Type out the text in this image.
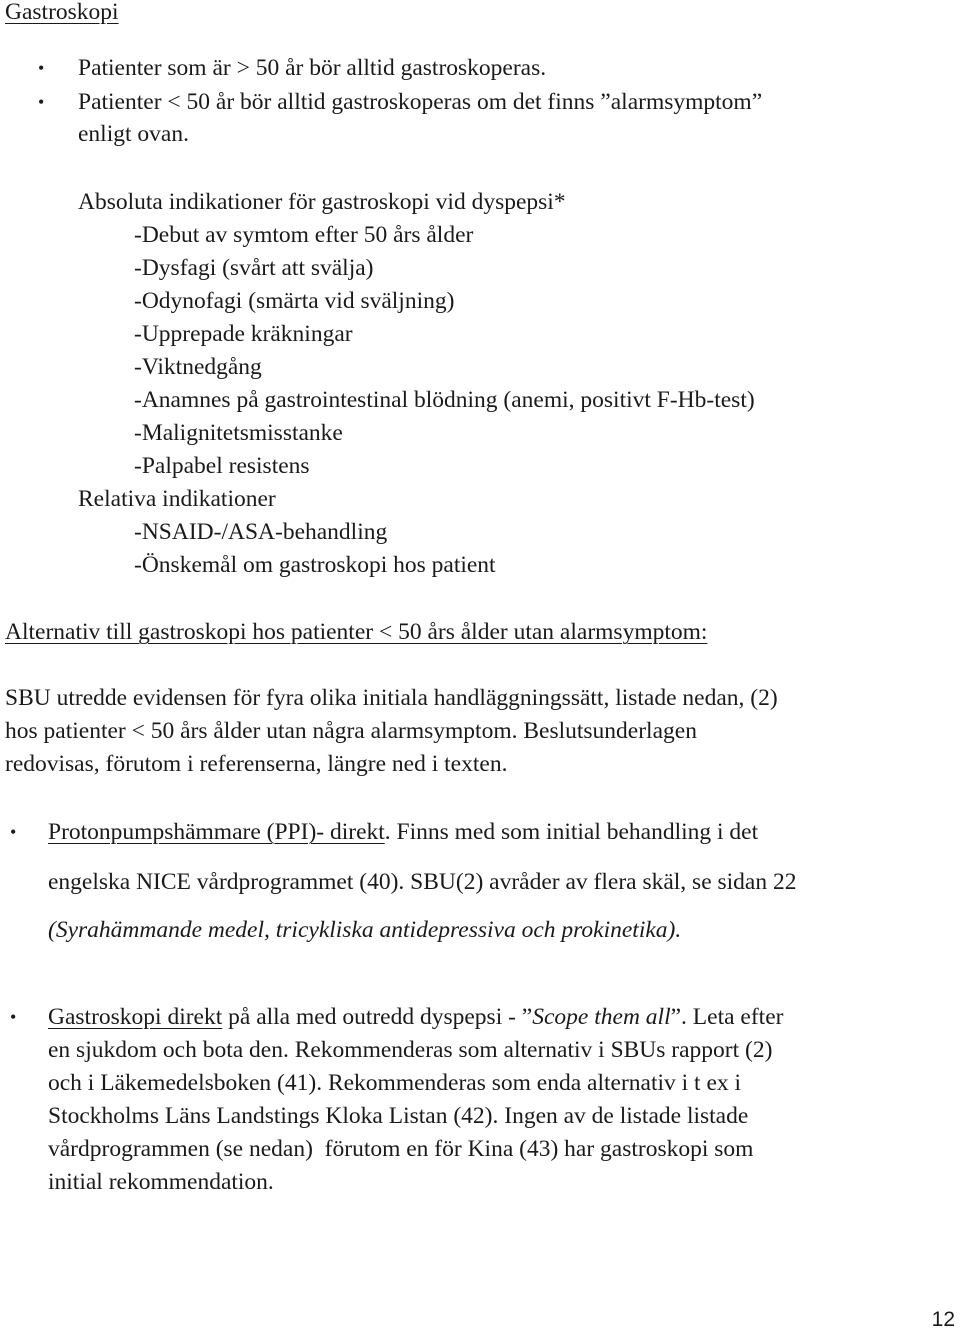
Gastroskopi
• Patienter som är > 50 år bör alltid gastroskoperas.
• Patienter < 50 år bör alltid gastroskoperas om det finns ”alarmsymptom”
enligt ovan.
Absoluta indikationer för gastroskopi vid dyspepsi*
-Debut av symtom efter 50 års ålder
-Dysfagi (svårt att svälja)
-Odynofagi (smärta vid sväljning)
-Upprepade kräkningar
-Viktnedgång
-Anamnes på gastrointestinal blödning (anemi, positivt F-Hb-test)
-Malignitetsmisstanke
-Palpabel resistens
Relativa indikationer
-NSAID-/ASA-behandling
-Önskemål om gastroskopi hos patient
Alternativ till gastroskopi hos patienter < 50 års ålder utan alarmsymptom:
SBU utredde evidensen för fyra olika initiala handläggningssätt, listade nedan, (2)
hos patienter < 50 års ålder utan några alarmsymptom. Beslutsunderlagen
redovisas, förutom i referenserna, längre ned i texten.
• Protonpumpshämmare (PPI)- direkt. Finns med som initial behandling i det
engelska NICE vårdprogrammet (40). SBU(2) avråder av flera skäl, se sidan 22
(Syrahämmande medel, tricykliska antidepressiva och prokinetika).
• Gastroskopi direkt på alla med outredd dyspepsi - ”Scope them all”. Leta efter
en sjukdom och bota den. Rekommenderas som alternativ i SBUs rapport (2)
och i Läkemedelsboken (41). Rekommenderas som enda alternativ i t ex i
Stockholms Läns Landstings Kloka Listan (42). Ingen av de listade listade
vårdprogrammen (se nedan)  förutom en för Kina (43) har gastroskopi som
initial rekommendation.
12
